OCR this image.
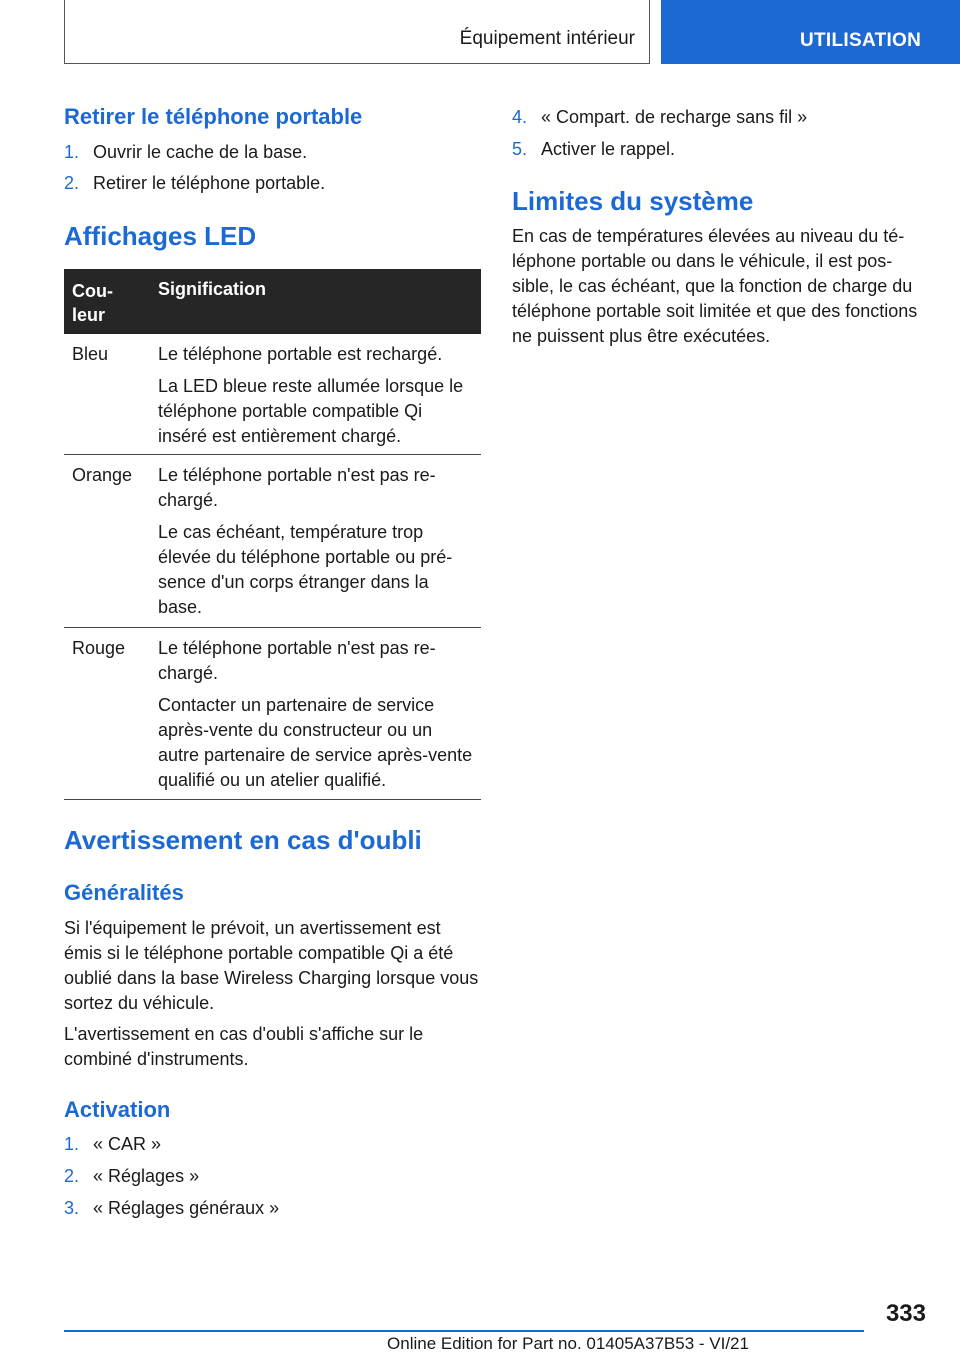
Équipement intérieur	UTILISATION
Retirer le téléphone portable
1. Ouvrir le cache de la base.
2. Retirer le téléphone portable.
Affichages LED
Cou-
leur
Signification
Bleu	Le téléphone portable est rechargé.

La LED bleue reste allumée lorsque le téléphone portable compatible Qi inséré est entièrement chargé.

Orange Le téléphone portable n'est pas re-chargé.

Le cas échéant, température trop élevée du téléphone portable ou pré-sence d'un corps étranger dans la base.

Rouge Le téléphone portable n'est pas re-chargé.

Contacter un partenaire de service après-vente du constructeur ou un autre partenaire de service après-vente qualifié ou un atelier qualifié.

Avertissement en cas d'oubli
Généralités
Si l'équipement le prévoit, un avertissement est émis si le téléphone portable compatible Qi a été oublié dans la base Wireless Charging lorsque vous sortez du véhicule.
L'avertissement en cas d'oubli s'affiche sur le combiné d'instruments.
Activation
1. « CAR »
2. « Réglages »
3. « Réglages généraux »
4. « Compart. de recharge sans fil »
5. Activer le rappel.
Limites du système
En cas de températures élevées au niveau du té-léphone portable ou dans le véhicule, il est pos-sible, le cas échéant, que la fonction de charge du téléphone portable soit limitée et que des fonctions ne puissent plus être exécutées.
333
Online Edition for Part no. 01405A37B53 - VI/21
